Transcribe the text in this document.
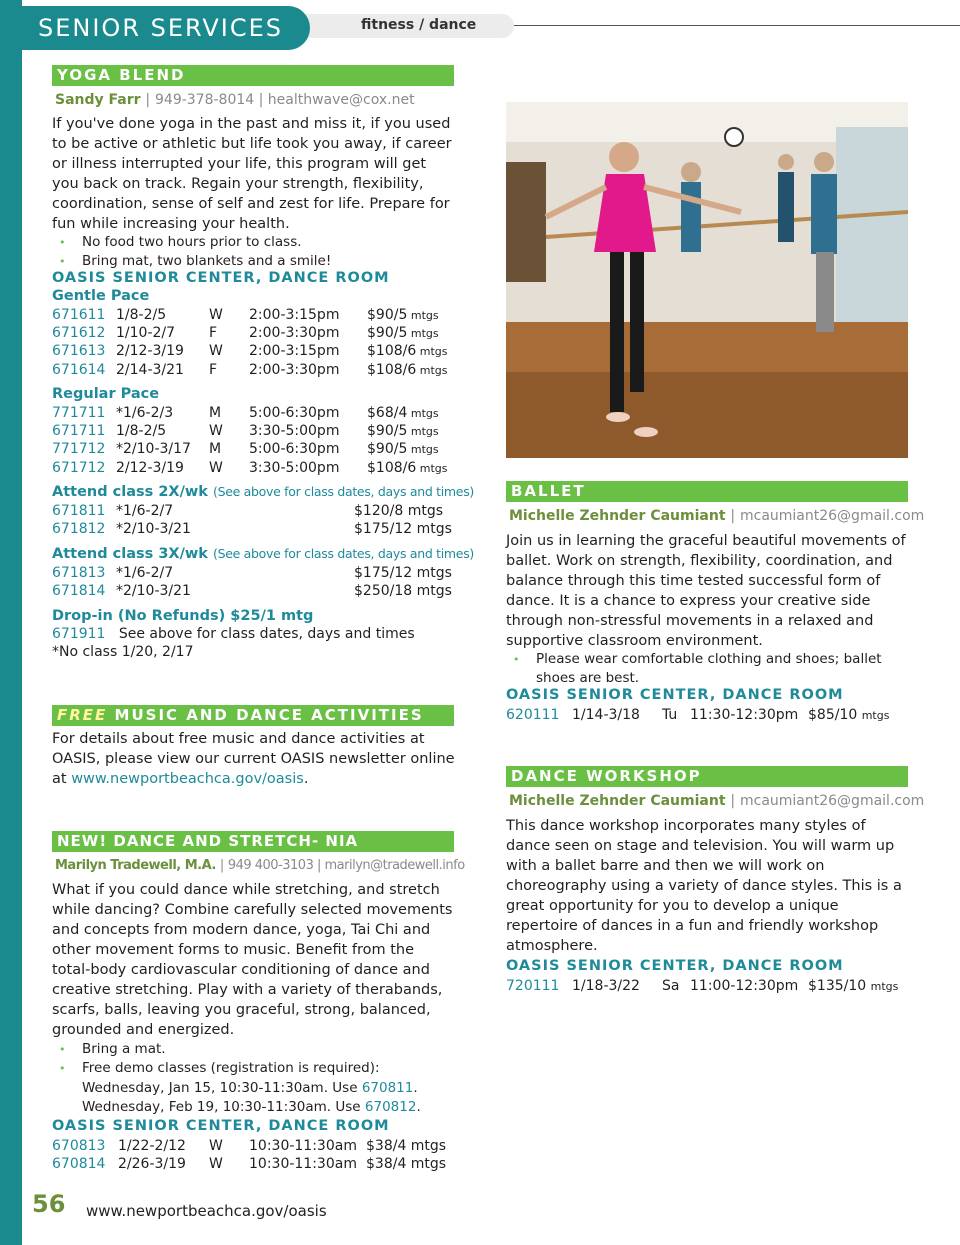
SENIOR SERVICES	fitness / dance
YOGA BLEND
Sandy Farr | 949-378-8014 | healthwave@cox.net
If you've done yoga in the past and miss it, if you used to be active or athletic but life took you away, if career or illness interrupted your life, this program will get you back on track. Regain your strength, flexibility, coordination, sense of self and zest for life. Prepare for fun while increasing your health.
• No food two hours prior to class.
• Bring mat, two blankets and a smile!
OASIS SENIOR CENTER, DANCE ROOM
Gentle Pace
671611 1/8-2/5	W 2:00-3:15pm $90/5 mtgs
671612 1/10-2/7 F 2:00-3:30pm $90/5 mtgs
671613 2/12-3/19 W 2:00-3:15pm $108/6 mtgs
671614 2/14-3/21 F 2:00-3:30pm $108/6 mtgs
Regular Pace
771711 *1/6-2/3	M 5:00-6:30pm $68/4 mtgs
671711 1/8-2/5	W 3:30-5:00pm $90/5 mtgs
771712 *2/10-3/17 M 5:00-6:30pm $90/5 mtgs
671712 2/12-3/19 W 3:30-5:00pm $108/6 mtgs
Attend class 2X/wk (See above for class dates, days and times)
671811 *1/6-2/7	$120/8 mtgs
671812 *2/10-3/21	$175/12 mtgs
Attend class 3X/wk (See above for class dates, days and times)
671813 *1/6-2/7	$175/12 mtgs
671814 *2/10-3/21	$250/18 mtgs
Drop-in (No Refunds) $25/1 mtg
671911 See above for class dates, days and times
*No class 1/20, 2/17
FREE MUSIC AND DANCE ACTIVITIES
For details about free music and dance activities at OASIS, please view our current OASIS newsletter online at www.newportbeachca.gov/oasis.
NEW! DANCE AND STRETCH- NIA
Marilyn Tradewell, M.A. | 949 400-3103 | marilyn@tradewell.info
What if you could dance while stretching, and stretch while dancing? Combine carefully selected movements and concepts from modern dance, yoga, Tai Chi and other movement forms to music. Benefit from the total-body cardiovascular conditioning of dance and creative stretching. Play with a variety of therabands, scarfs, balls, leaving you graceful, strong, balanced, grounded and energized.
• Bring a mat.
• Free demo classes (registration is required):
Wednesday, Jan 15, 10:30-11:30am. Use 670811.
Wednesday, Feb 19, 10:30-11:30am. Use 670812.
OASIS SENIOR CENTER, DANCE ROOM
670813 1/22-2/12 W 10:30-11:30am $38/4 mtgs
670814 2/26-3/19 W 10:30-11:30am $38/4 mtgs
BALLET
Michelle Zehnder Caumiant | mcaumiant26@gmail.com
Join us in learning the graceful beautiful movements of ballet. Work on strength, flexibility, coordination, and balance through this time tested successful form of dance. It is a chance to express your creative side through non-stressful movements in a relaxed and supportive classroom environment.
• Please wear comfortable clothing and shoes; ballet shoes are best.
OASIS SENIOR CENTER, DANCE ROOM
620111 1/14-3/18 Tu 11:30-12:30pm $85/10 mtgs
DANCE WORKSHOP
Michelle Zehnder Caumiant | mcaumiant26@gmail.com
This dance workshop incorporates many styles of dance seen on stage and television. You will warm up with a ballet barre and then we will work on choreography using a variety of dance styles. This is a great opportunity for you to develop a unique repertoire of dances in a fun and friendly workshop atmosphere.
OASIS SENIOR CENTER, DANCE ROOM
720111 1/18-3/22 Sa 11:00-12:30pm $135/10 mtgs
56 www.newportbeachca.gov/oasis
